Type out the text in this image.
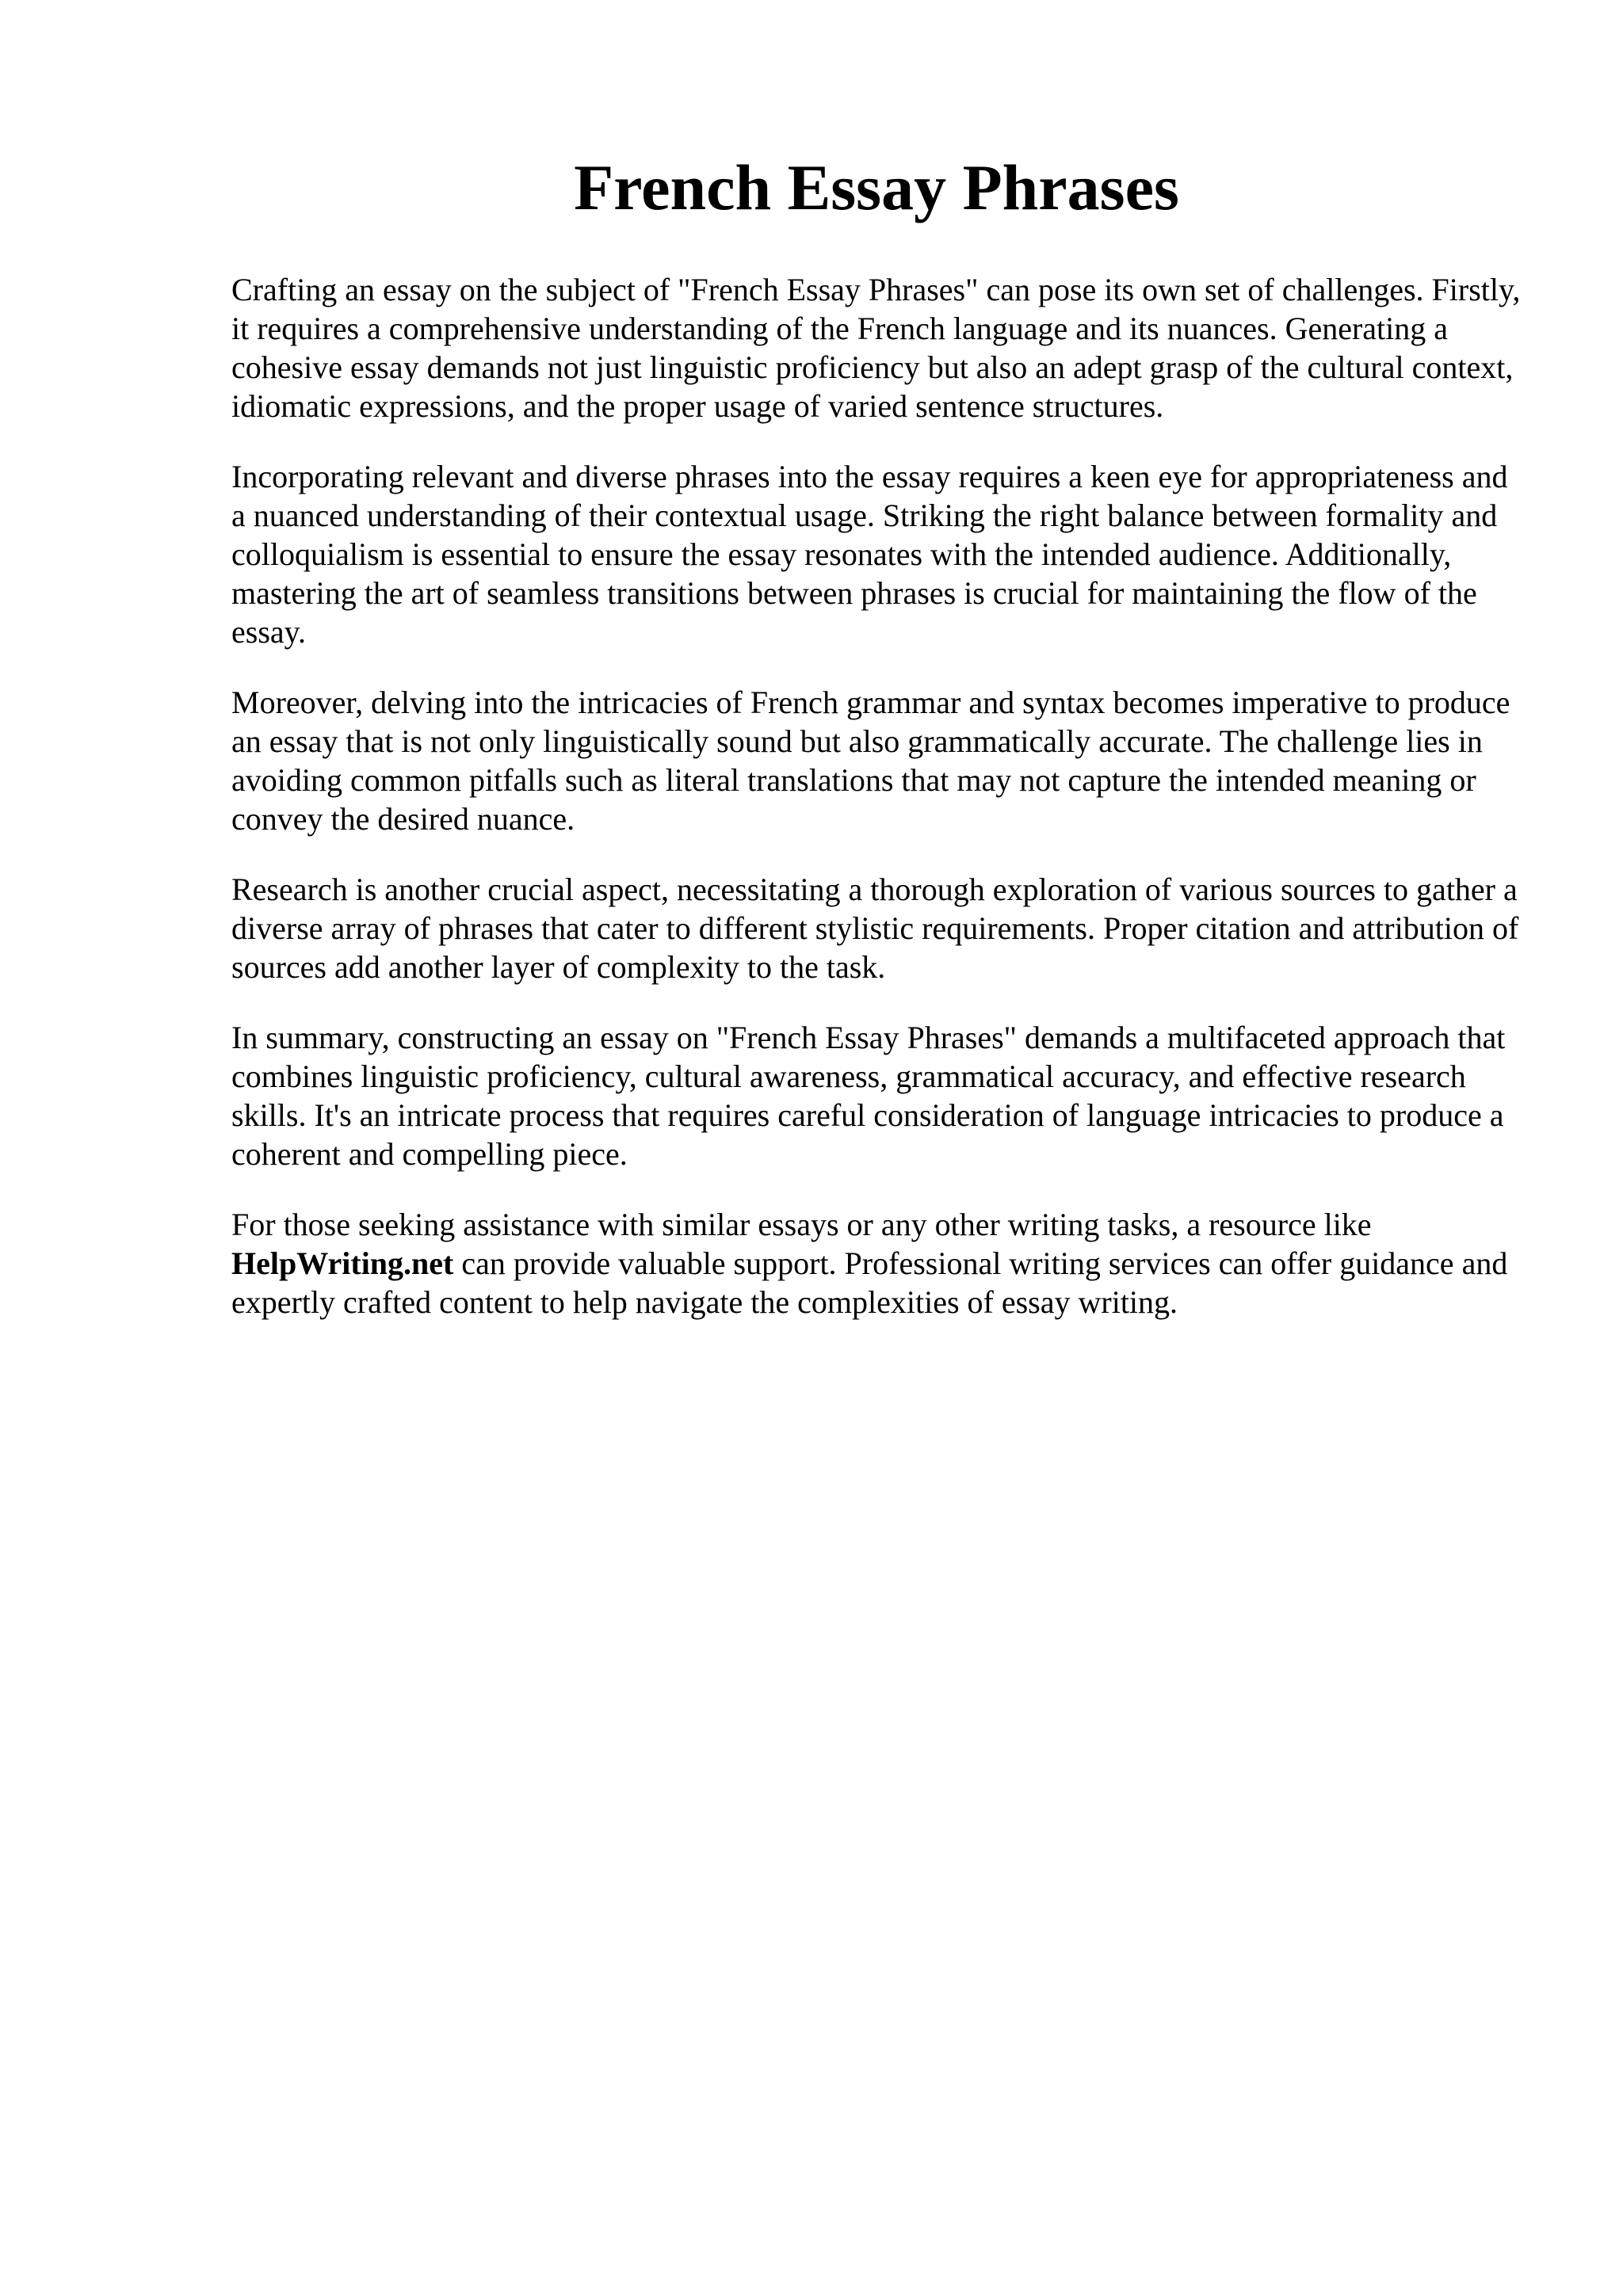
French Essay Phrases

Crafting an essay on the subject of "French Essay Phrases" can pose its own set of challenges. Firstly, it requires a comprehensive understanding of the French language and its nuances. Generating a cohesive essay demands not just linguistic proficiency but also an adept grasp of the cultural context, idiomatic expressions, and the proper usage of varied sentence structures.

Incorporating relevant and diverse phrases into the essay requires a keen eye for appropriateness and a nuanced understanding of their contextual usage. Striking the right balance between formality and colloquialism is essential to ensure the essay resonates with the intended audience. Additionally, mastering the art of seamless transitions between phrases is crucial for maintaining the flow of the essay.

Moreover, delving into the intricacies of French grammar and syntax becomes imperative to produce an essay that is not only linguistically sound but also grammatically accurate. The challenge lies in avoiding common pitfalls such as literal translations that may not capture the intended meaning or convey the desired nuance.

Research is another crucial aspect, necessitating a thorough exploration of various sources to gather a diverse array of phrases that cater to different stylistic requirements. Proper citation and attribution of sources add another layer of complexity to the task.

In summary, constructing an essay on "French Essay Phrases" demands a multifaceted approach that combines linguistic proficiency, cultural awareness, grammatical accuracy, and effective research skills. It's an intricate process that requires careful consideration of language intricacies to produce a coherent and compelling piece.

For those seeking assistance with similar essays or any other writing tasks, a resource like HelpWriting.net can provide valuable support. Professional writing services can offer guidance and expertly crafted content to help navigate the complexities of essay writing.
